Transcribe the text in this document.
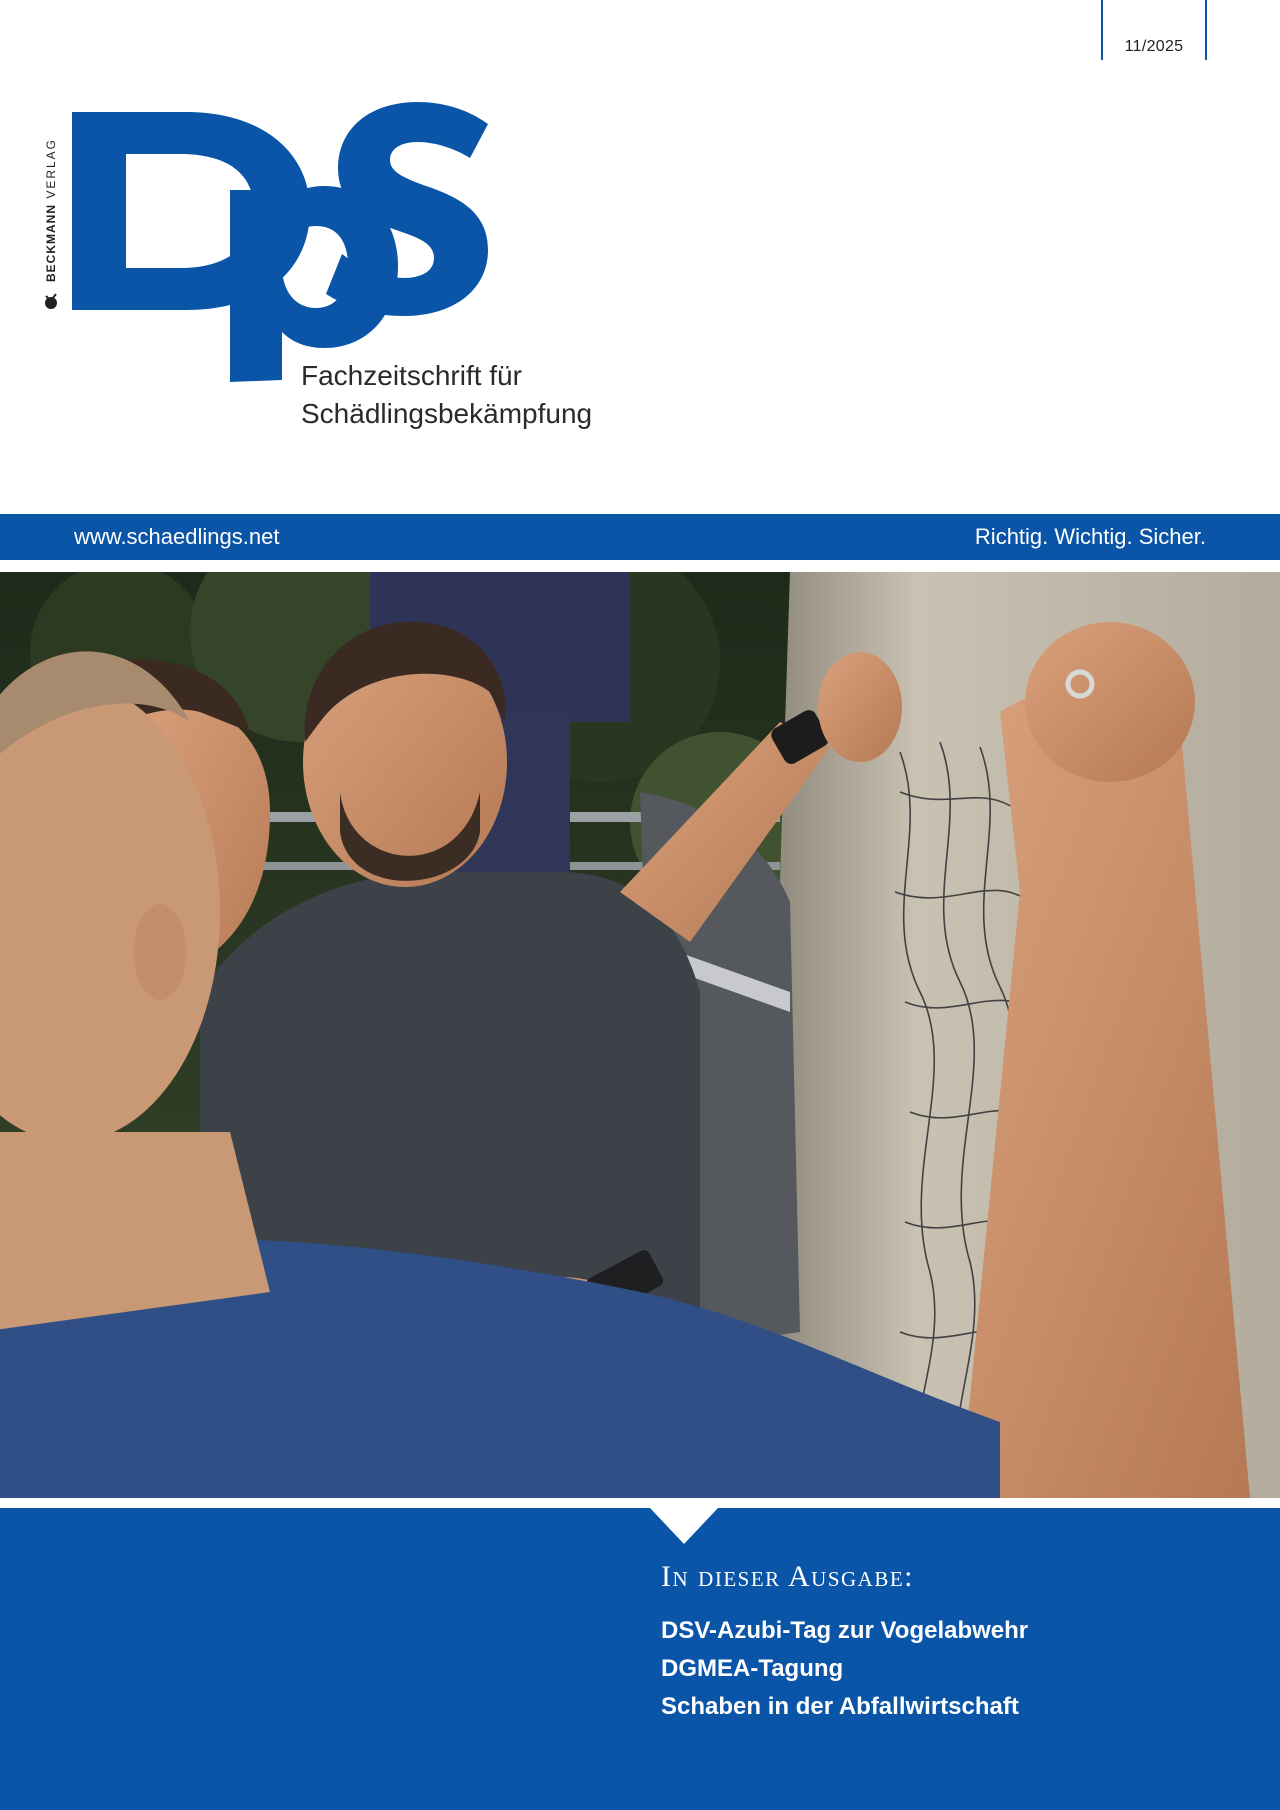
11/2025
BECKMANN VERLAG
Fachzeitschrift für
Schädlingsbekämpfung
www.schaedlings.net	Richtig. Wichtig. Sicher.
In dieser Ausgabe:
DSV-Azubi-Tag zur Vogelabwehr
DGMEA-Tagung
Schaben in der Abfallwirtschaft
